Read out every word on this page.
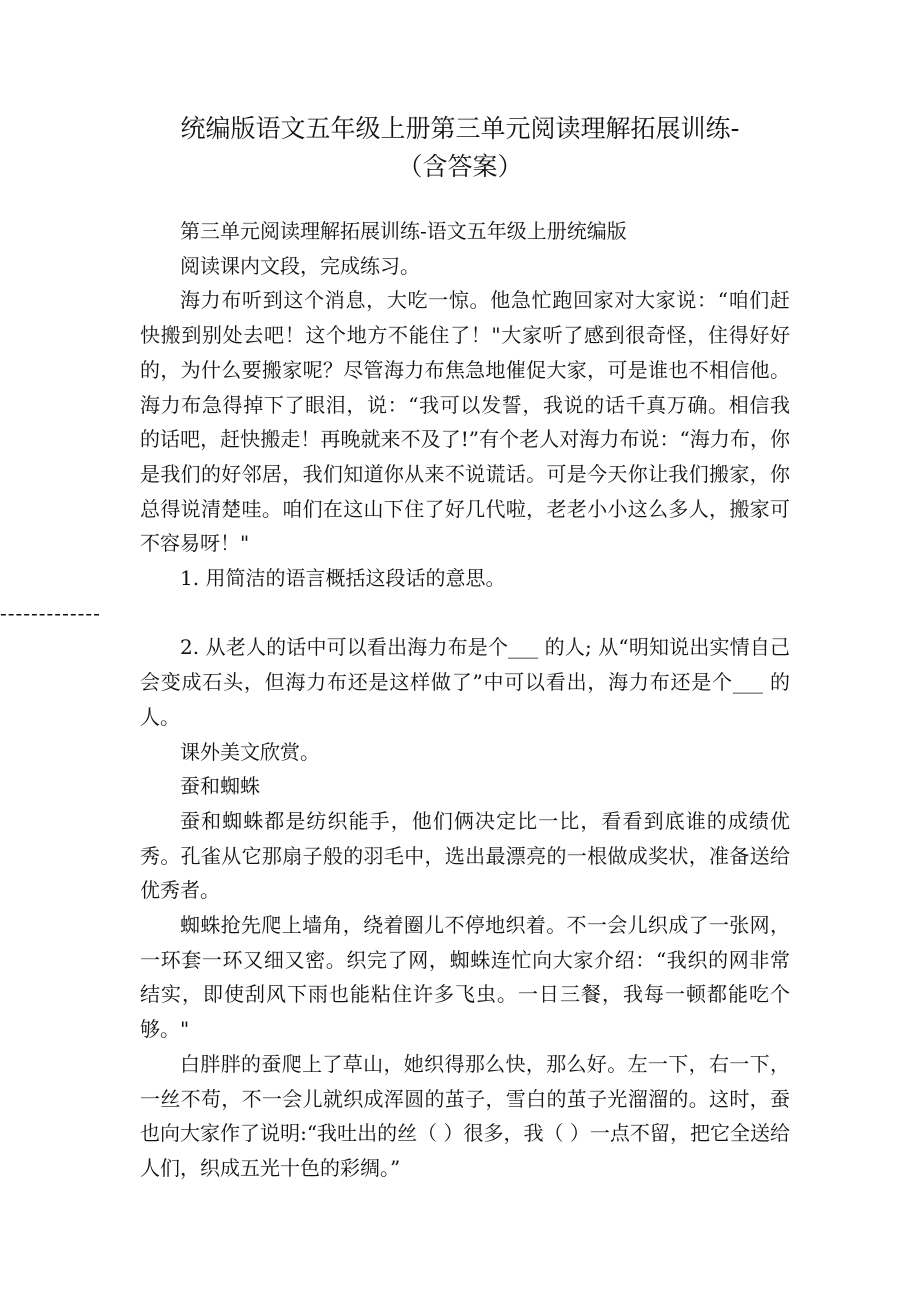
统编版语文五年级上册第三单元阅读理解拓展训练-
（含答案）

第三单元阅读理解拓展训练-语文五年级上册统编版

阅读课内文段，完成练习。

海力布听到这个消息，大吃一惊。他急忙跑回家对大家说：“咱们赶快搬到别处去吧！这个地方不能住了！"大家听了感到很奇怪，住得好好的，为什么要搬家呢？尽管海力布焦急地催促大家，可是谁也不相信他。海力布急得掉下了眼泪，说：“我可以发誓，我说的话千真万确。相信我的话吧，赶快搬走！再晚就来不及了!”有个老人对海力布说：“海力布，你是我们的好邻居，我们知道你从来不说谎话。可是今天你让我们搬家，你总得说清楚哇。咱们在这山下住了好几代啦，老老小小这么多人，搬家可不容易呀！"

1. 用简洁的语言概括这段话的意思。

-------------

2. 从老人的话中可以看出海力布是个___ 的人; 从“明知说出实情自己会变成石头，但海力布还是这样做了”中可以看出，海力布还是个___ 的人。

课外美文欣赏。

蚕和蜘蛛

蚕和蜘蛛都是纺织能手，他们俩决定比一比，看看到底谁的成绩优秀。孔雀从它那扇子般的羽毛中，选出最漂亮的一根做成奖状，准备送给优秀者。

蜘蛛抢先爬上墙角，绕着圈儿不停地织着。不一会儿织成了一张网，一环套一环又细又密。织完了网，蜘蛛连忙向大家介绍：“我织的网非常结实，即使刮风下雨也能粘住许多飞虫。一日三餐，我每一顿都能吃个够。"

白胖胖的蚕爬上了草山，她织得那么快，那么好。左一下，右一下，一丝不苟，不一会儿就织成浑圆的茧子，雪白的茧子光溜溜的。这时，蚕也向大家作了说明:“我吐出的丝（ ）很多，我（ ）一点不留，把它全送给人们，织成五光十色的彩绸。”
